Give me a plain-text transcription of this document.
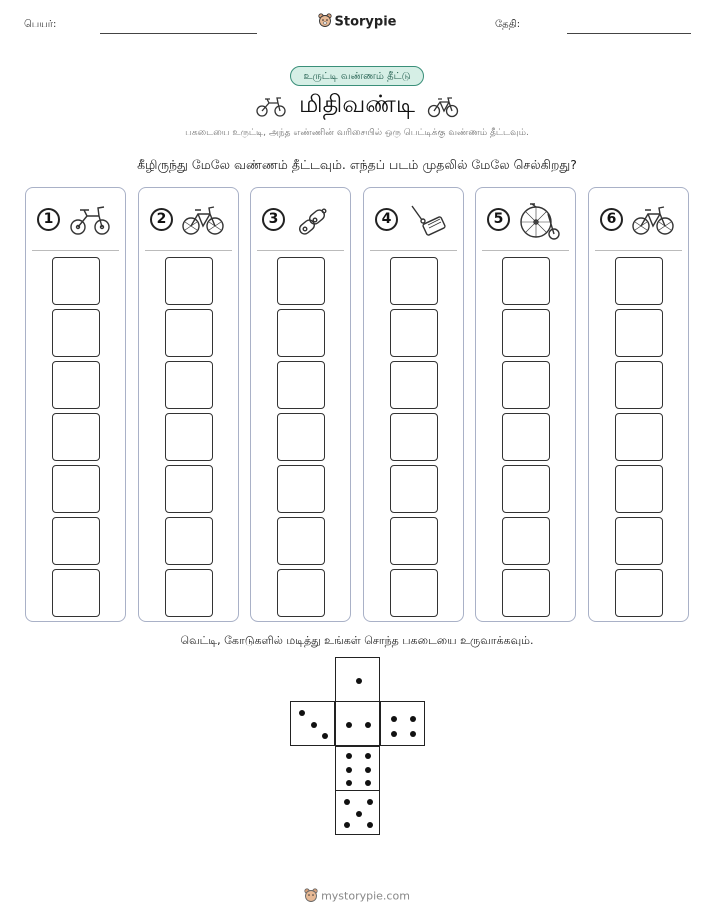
பெயர்:	Storypie	தேதி:
உருட்டி வண்ணம் தீட்டு
மிதிவண்டி
பகடையை உருட்டி, அந்த எண்ணின் வரிசையில் ஒரு பெட்டிக்கு வண்ணம் தீட்டவும்.
கீழிருந்து மேலே வண்ணம் தீட்டவும். எந்தப் படம் முதலில் மேலே செல்கிறது?
1	2	3	4	5	6
வெட்டி, கோடுகளில் மடித்து உங்கள் சொந்த பகடையை உருவாக்கவும்.
mystorypie.com
